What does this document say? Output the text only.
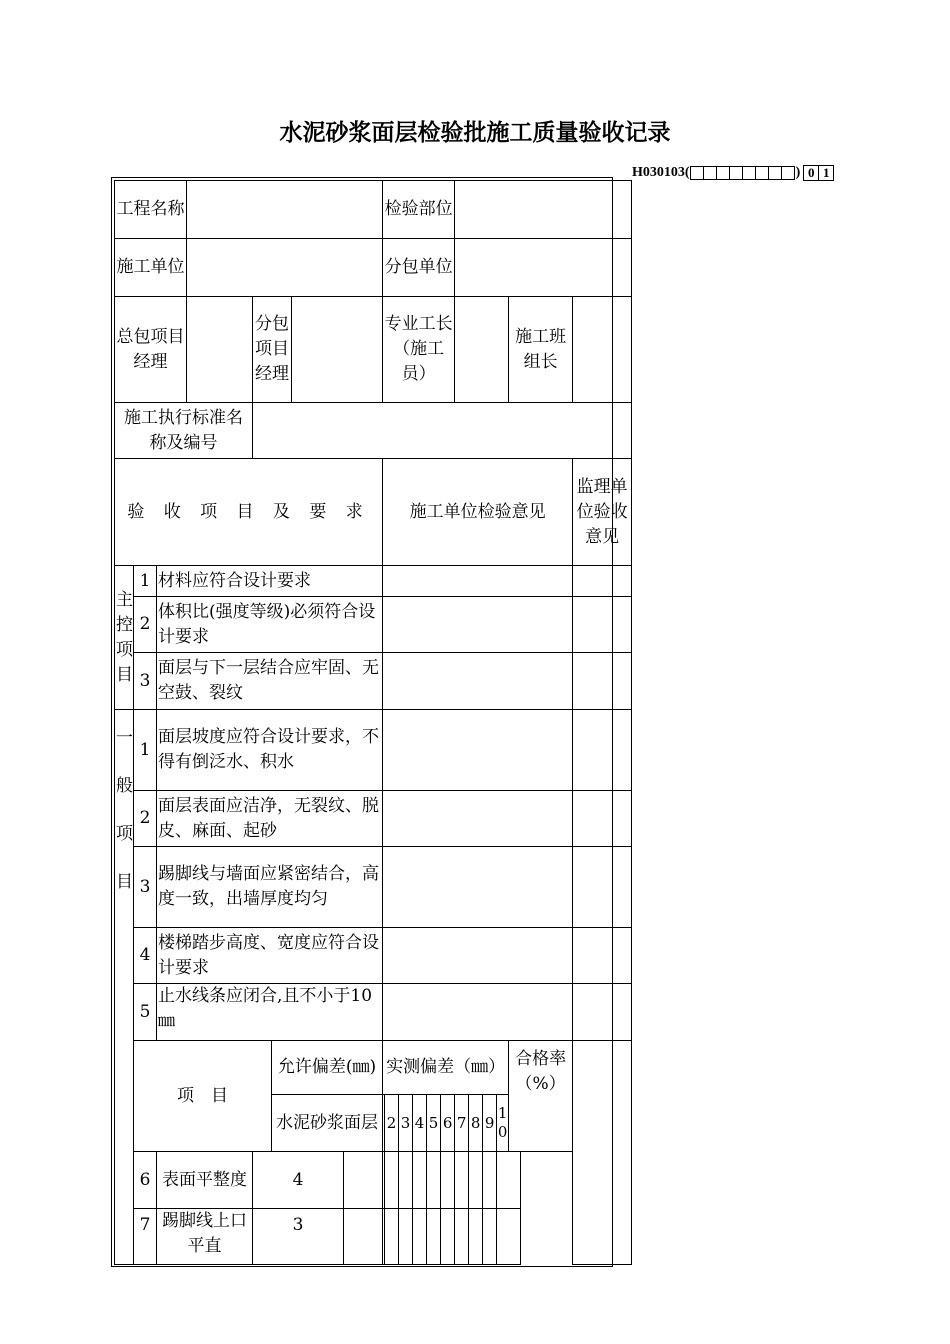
水泥砂浆面层检验批施工质量验收记录
H030103(	) 0 1
工程名称								检验部位											
施工单位								分包单位											
总包项目经理				分包项目经理				专业工长（施工员）										施工班组长	
施工执行标准名称及编号																			
验 收 项 目 及 要 求								施工单位检验意见											监理单位验收意见
主控项目	1	材料应符合设计要求																	
	2	体积比(强度等级)必须符合设计要求																	
	3	面层与下一层结合应牢固、无空鼓、裂纹																	
一般项目	1	面层坡度应符合设计要求，不得有倒泛水、积水																	
	2	面层表面应洁净，无裂纹、脱皮、麻面、起砂																	
	3	踢脚线与墙面应紧密结合，高度一致，出墙厚度均匀																	
	4	楼梯踏步高度、宽度应符合设计要求																	
	5	止水线条应闭合,且不小于10㎜																	
	项　目				允许偏差(㎜)			实测偏差（㎜）										合格率（%）	
					水泥砂浆面层				2	3	4	5	6	7	8	9	10		
	6	表面平整度		4															
	7	踢脚线上口平直		3															
